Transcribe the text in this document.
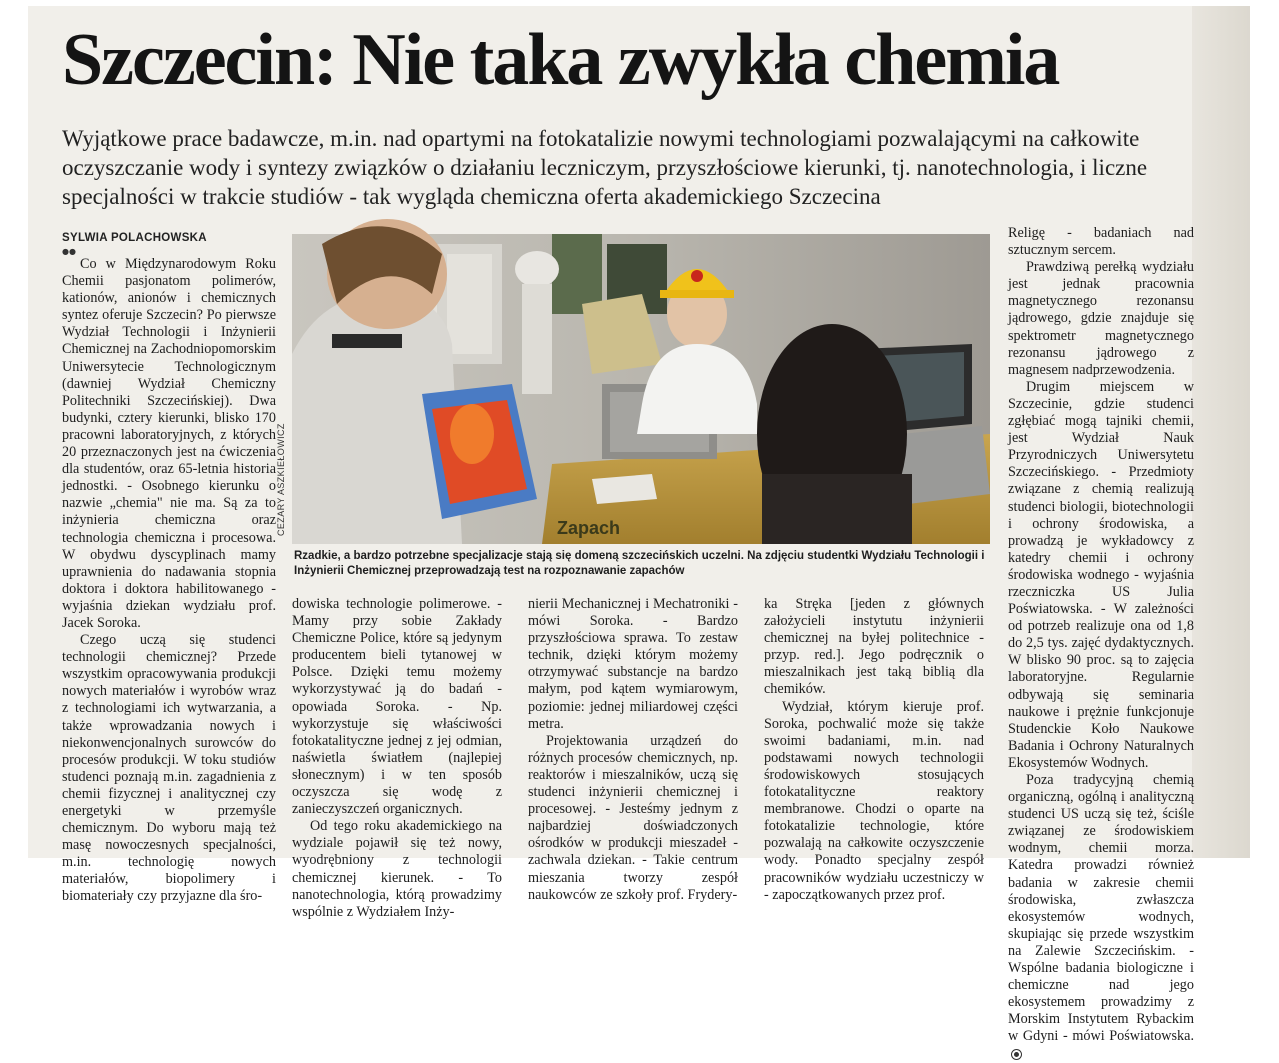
Szczecin: Nie taka zwykła chemia
Wyjątkowe prace badawcze, m.in. nad opartymi na fotokatalizie nowymi technologiami pozwalającymi na całkowite oczyszczanie wody i syntezy związków o działaniu leczniczym, przyszłościowe kierunki, tj. nanotechnologia, i liczne specjalności w trakcie studiów - tak wygląda chemiczna oferta akademickiego Szczecina
SYLWIA POLACHOWSKA
●●

Co w Międzynarodowym Roku Chemii pasjonatom polimerów, kationów, anionów i chemicznych syntez oferuje Szczecin? Po pierwsze Wydział Technologii i Inżynierii Chemicznej na Zachodniopomorskim Uniwersytecie Technologicznym (dawniej Wydział Chemiczny Politechniki Szczecińskiej). Dwa budynki, cztery kierunki, blisko 170 pracowni laboratoryjnych, z których 20 przeznaczonych jest na ćwiczenia dla studentów, oraz 65-letnia historia jednostki. - Osobnego kierunku o nazwie „chemia" nie ma. Są za to inżynieria chemiczna oraz technologia chemiczna i procesowa. W obydwu dyscyplinach mamy uprawnienia do nadawania stopnia doktora i doktora habilitowanego - wyjaśnia dziekan wydziału prof. Jacek Soroka.

Czego uczą się studenci technologii chemicznej? Przede wszystkim opracowywania produkcji nowych materiałów i wyrobów wraz z technologiami ich wytwarzania, a także wprowadzania nowych i niekonwencjonalnych surowców do procesów produkcji. W toku studiów studenci poznają m.in. zagadnienia z chemii fizycznej i analitycznej czy energetyki w przemyśle chemicznym. Do wyboru mają też masę nowoczesnych specjalności, m.in. technologię nowych materiałów, biopolimery i biomateriały czy przyjazne dla śro-

CEZARY ASZKIEŁOWICZ	Zapach
Rzadkie, a bardzo potrzebne specjalizacje stają się domeną szczecińskich uczelni. Na zdjęciu studentki Wydziału Technologii i Inżynierii Chemicznej przeprowadzają test na rozpoznawanie zapachów

dowiska technologie polimerowe. - Mamy przy sobie Zakłady Chemiczne Police, które są jedynym producentem bieli tytanowej w Polsce. Dzięki temu możemy wykorzystywać ją do badań - opowiada Soroka. - Np. wykorzystuje się właściwości fotokatalityczne jednej z jej odmian, naświetla światłem (najlepiej słonecznym) i w ten sposób oczyszcza się wodę z zanieczyszczeń organicznych.

Od tego roku akademickiego na wydziale pojawił się też nowy, wyodrębniony z technologii chemicznej kierunek. - To nanotechnologia, którą prowadzimy wspólnie z Wydziałem Inży-

nierii Mechanicznej i Mechatroniki - mówi Soroka. - Bardzo przyszłościowa sprawa. To zestaw technik, dzięki którym możemy otrzymywać substancje na bardzo małym, pod kątem wymiarowym, poziomie: jednej miliardowej części metra.

Projektowania urządzeń do różnych procesów chemicznych, np. reaktorów i mieszalników, uczą się studenci inżynierii chemicznej i procesowej. - Jesteśmy jednym z najbardziej doświadczonych ośrodków w produkcji mieszadeł - zachwala dziekan. - Takie centrum mieszania tworzy zespół naukowców ze szkoły prof. Frydery-

ka Stręka [jeden z głównych założycieli instytutu inżynierii chemicznej na byłej politechnice - przyp. red.]. Jego podręcznik o mieszalnikach jest taką biblią dla chemików.

Wydział, którym kieruje prof. Soroka, pochwalić może się także swoimi badaniami, m.in. nad podstawami nowych technologii środowiskowych stosujących fotokatalityczne reaktory membranowe. Chodzi o oparte na fotokatalizie technologie, które pozwalają na całkowite oczyszczenie wody. Ponadto specjalny zespół pracowników wydziału uczestniczy w - zapoczątkowanych przez prof.

Religę - badaniach nad sztucznym sercem.

Prawdziwą perełką wydziału jest jednak pracownia magnetycznego rezonansu jądrowego, gdzie znajduje się spektrometr magnetycznego rezonansu jądrowego z magnesem nadprzewodzenia.

Drugim miejscem w Szczecinie, gdzie studenci zgłębiać mogą tajniki chemii, jest Wydział Nauk Przyrodniczych Uniwersytetu Szczecińskiego. - Przedmioty związane z chemią realizują studenci biologii, biotechnologii i ochrony środowiska, a prowadzą je wykładowcy z katedry chemii i ochrony środowiska wodnego - wyjaśnia rzeczniczka US Julia Poświatowska. - W zależności od potrzeb realizuje ona od 1,8 do 2,5 tys. zajęć dydaktycznych. W blisko 90 proc. są to zajęcia laboratoryjne. Regularnie odbywają się seminaria naukowe i prężnie funkcjonuje Studenckie Koło Naukowe Badania i Ochrony Naturalnych Ekosystemów Wodnych.

Poza tradycyjną chemią organiczną, ogólną i analityczną studenci US uczą się też, ściśle związanej ze środowiskiem wodnym, chemii morza. Katedra prowadzi również badania w zakresie chemii środowiska, zwłaszcza ekosystemów wodnych, skupiając się przede wszystkim na Zalewie Szczecińskim. - Wspólne badania biologiczne i chemiczne nad jego ekosystemem prowadzimy z Morskim Instytutem Rybackim w Gdyni - mówi Poświatowska.
